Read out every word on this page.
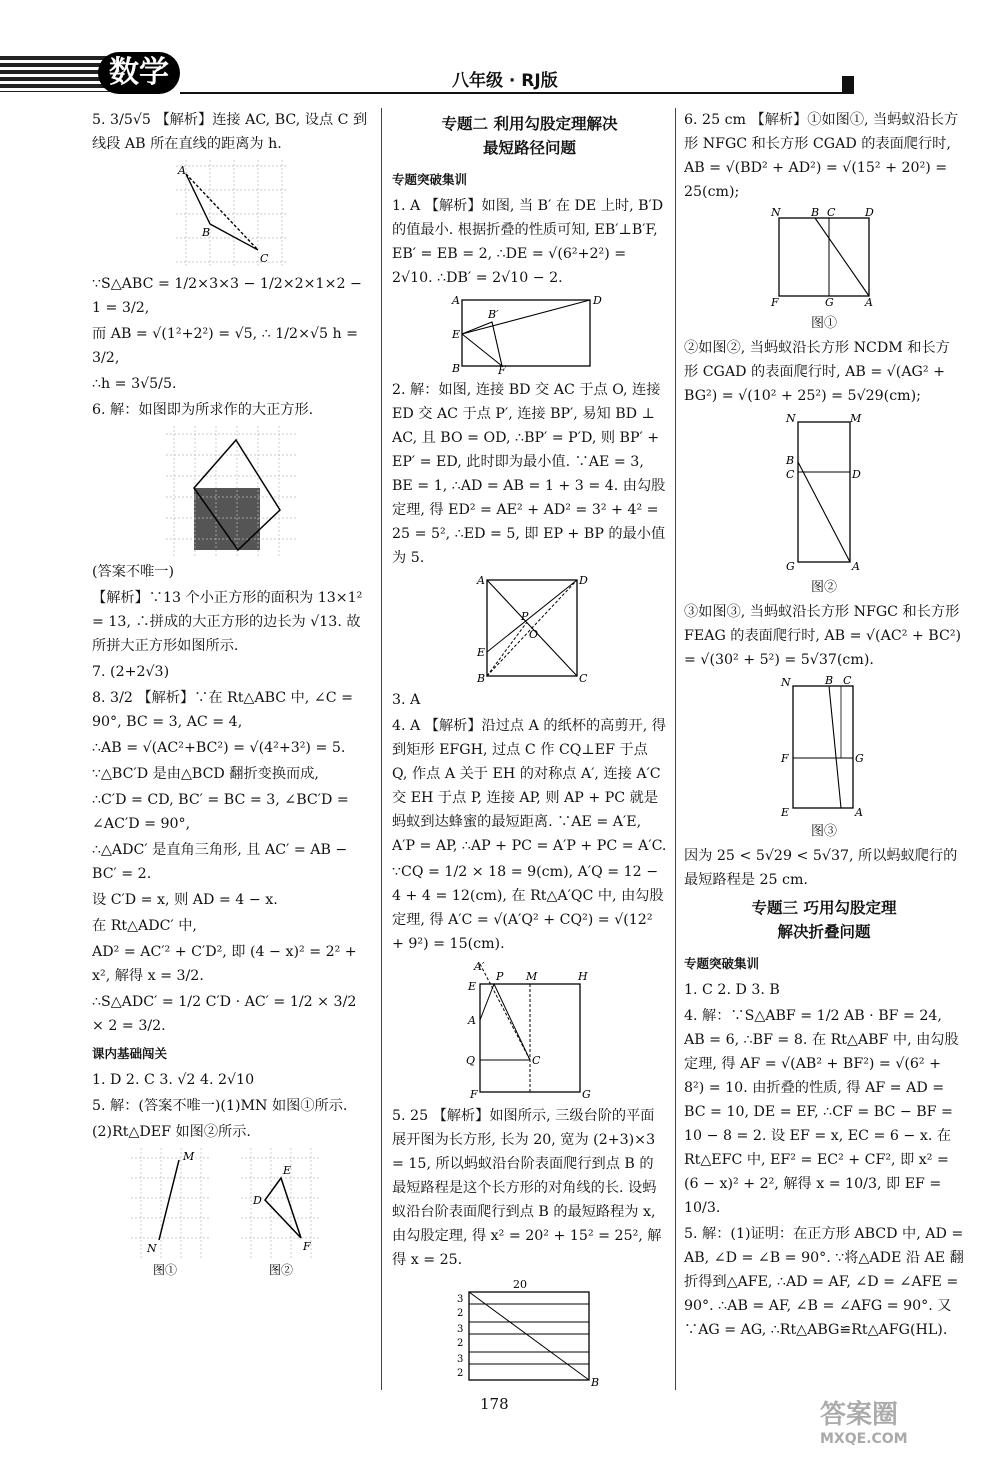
数学	八年级 · RJ版

5. 3/5√5 【解析】连接 AC, BC, 设点 C 到线段 AB 所在直线的距离为 h.

A
B
C

∵S△ABC = 1/2×3×3 − 1/2×2×1×2 − 1 = 3/2,

而 AB = √(1²+2²) = √5, ∴ 1/2×√5 h = 3/2,

∴h = 3√5/5.

6. 解：如图即为所求作的大正方形.

(答案不唯一)

【解析】∵13 个小正方形的面积为 13×1² = 13, ∴拼成的大正方形的边长为 √13. 故所拼大正方形如图所示.

7. (2+2√3)

8. 3/2 【解析】∵在 Rt△ABC 中, ∠C = 90°, BC = 3, AC = 4,

∴AB = √(AC²+BC²) = √(4²+3²) = 5.

∵△BC′D 是由△BCD 翻折变换而成,

∴C′D = CD, BC′ = BC = 3, ∠BC′D = ∠AC′D = 90°,

∴△ADC′ 是直角三角形, 且 AC′ = AB − BC′ = 2.

设 C′D = x, 则 AD = 4 − x.

在 Rt△ADC′ 中,

AD² = AC′² + C′D², 即 (4 − x)² = 2² + x², 解得 x = 3/2.

∴S△ADC′ = 1/2 C′D · AC′ = 1/2 × 3/2 × 2 = 3/2.

课内基础闯关

1. D 2. C 3. √2 4. 2√10

5. 解：(答案不唯一)(1)MN 如图①所示.

(2)Rt△DEF 如图②所示.

M
N
E
D
F
图①	图②
专题二 利用勾股定理解决
最短路径问题
专题突破集训

1. A 【解析】如图, 当 B′ 在 DE 上时, B′D 的值最小. 根据折叠的性质可知, EB′⊥B′F, EB′ = EB = 2, ∴DE = √(6²+2²) = 2√10. ∴DB′ = 2√10 − 2.

A	D
E
B′
B	F

2. 解：如图, 连接 BD 交 AC 于点 O, 连接 ED 交 AC 于点 P′, 连接 BP′, 易知 BD ⊥ AC, 且 BO = OD, ∴BP′ = P′D, 则 BP′ + EP′ = ED, 此时即为最小值. ∵AE = 3, BE = 1, ∴AD = AB = 1 + 3 = 4. 由勾股定理, 得 ED² = AE² + AD² = 3² + 4² = 25 = 5², ∴ED = 5, 即 EP + BP 的最小值为 5.

A	D
E
P
O
B	C

3. A

4. A 【解析】沿过点 A 的纸杯的高剪开, 得到矩形 EFGH, 过点 C 作 CQ⊥EF 于点 Q, 作点 A 关于 EH 的对称点 A′, 连接 A′C 交 EH 于点 P, 连接 AP, 则 AP + PC 就是蚂蚁到达蜂蜜的最短距离. ∵AE = A′E, A′P = AP, ∴AP + PC = A′P + PC = A′C.

∵CQ = 1/2 × 18 = 9(cm), A′Q = 12 − 4 + 4 = 12(cm), 在 Rt△A′QC 中, 由勾股定理, 得 A′C = √(A′Q² + CQ²) = √(12² + 9²) = 15(cm).

A′
E
P M	H
A
Q	C
F	G

5. 25 【解析】如图所示, 三级台阶的平面展开图为长方形, 长为 20, 宽为 (2+3)×3 = 15, 所以蚂蚁沿台阶表面爬行到点 B 的最短路程是这个长方形的对角线的长. 设蚂蚁沿台阶表面爬行到点 B 的最短路程为 x, 由勾股定理, 得 x² = 20² + 15² = 25², 解得 x = 25.

20
3
2
3
2
3
2
B

6. 25 cm 【解析】①如图①, 当蚂蚁沿长方形 NFGC 和长方形 CGAD 的表面爬行时, AB = √(BD² + AD²) = √(15² + 20²) = 25(cm);

N	B C	D
F	G	A
图①

②如图②, 当蚂蚁沿长方形 NCDM 和长方形 CGAD 的表面爬行时, AB = √(AG² + BG²) = √(10² + 25²) = 5√29(cm);

N	M
B
C	D
G	A
图②

③如图③, 当蚂蚁沿长方形 NFGC 和长方形 FEAG 的表面爬行时, AB = √(AC² + BC²) = √(30² + 5²) = 5√37(cm).

N	B C
F	G
E	A
图③

因为 25 < 5√29 < 5√37, 所以蚂蚁爬行的最短路程是 25 cm.

专题三 巧用勾股定理
解决折叠问题
专题突破集训

1. C 2. D 3. B

4. 解：∵S△ABF = 1/2 AB · BF = 24, AB = 6, ∴BF = 8. 在 Rt△ABF 中, 由勾股定理, 得 AF = √(AB² + BF²) = √(6² + 8²) = 10. 由折叠的性质, 得 AF = AD = BC = 10, DE = EF, ∴CF = BC − BF = 10 − 8 = 2. 设 EF = x, EC = 6 − x. 在 Rt△EFC 中, EF² = EC² + CF², 即 x² = (6 − x)² + 2², 解得 x = 10/3, 即 EF = 10/3.

5. 解：(1)证明：在正方形 ABCD 中, AD = AB, ∠D = ∠B = 90°. ∵将△ADE 沿 AE 翻折得到△AFE, ∴AD = AF, ∠D = ∠AFE = 90°. ∴AB = AF, ∠B = ∠AFG = 90°. 又∵AG = AG, ∴Rt△ABG≌Rt△AFG(HL).

178	答案圈
MXQE.COM
